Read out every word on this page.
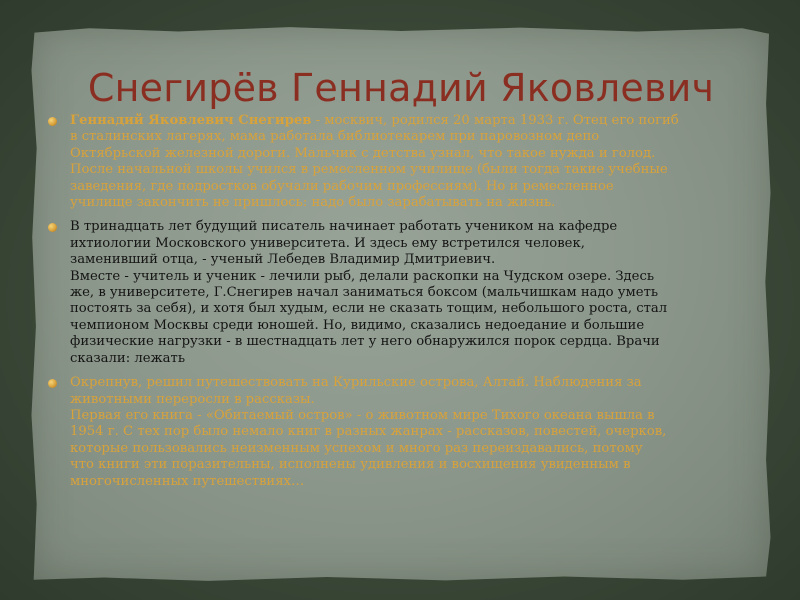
Снегирёв Геннадий Яковлевич
Геннадий Яковлевич Снегирев - москвич, родился 20 марта 1933 г. Отец его погиб
в сталинских лагерях, мама работала библиотекарем при паровозном депо
Октябрьской железной дороги. Мальчик с детства узнал, что такое нужда и голод.
После начальной школы учился в ремесленном училище (были тогда такие учебные
заведения, где подростков обучали рабочим профессиям). Но и ремесленное
училище закончить не пришлось: надо было зарабатывать на жизнь.
В тринадцать лет будущий писатель начинает работать учеником на кафедре
ихтиологии Московского университета. И здесь ему встретился человек,
заменивший отца, - ученый Лебедев Владимир Дмитриевич.
Вместе - учитель и ученик - лечили рыб, делали раскопки на Чудском озере. Здесь
же, в университете, Г.Снегирев начал заниматься боксом (мальчишкам надо уметь
постоять за себя), и хотя был худым, если не сказать тощим, небольшого роста, стал
чемпионом Москвы среди юношей. Но, видимо, сказались недоедание и большие
физические нагрузки - в шестнадцать лет у него обнаружился порок сердца. Врачи
сказали: лежать
Окрепнув, решил путешествовать на Курильские острова, Алтай. Наблюдения за
животными переросли в рассказы.
Первая его книга - «Обитаемый остров» - о животном мире Тихого океана вышла в
1954 г. С тех пор было немало книг в разных жанрах - рассказов, повестей, очерков,
которые пользовались неизменным успехом и много раз переиздавались, потому
что книги эти поразительны, исполнены удивления и восхищения увиденным в
многочисленных путешествиях…
